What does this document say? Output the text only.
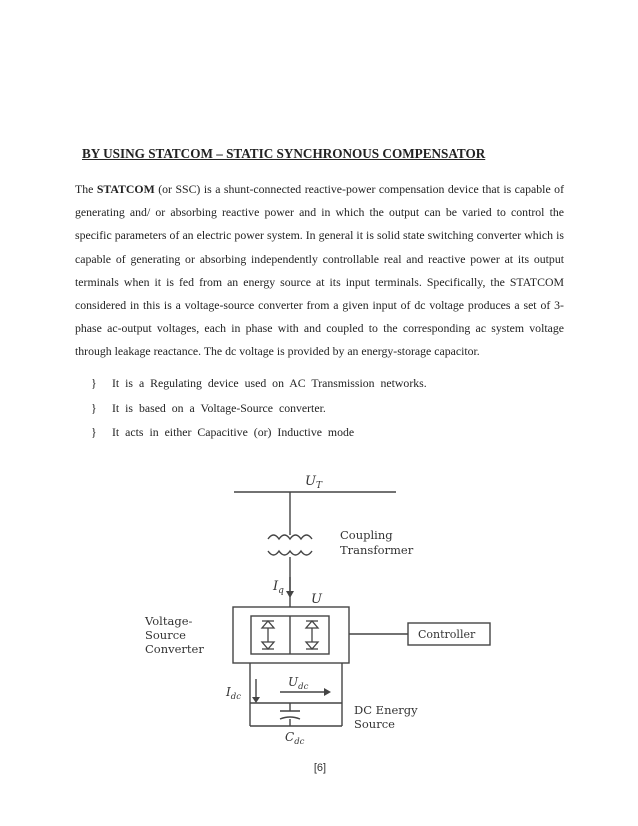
BY USING STATCOM – STATIC SYNCHRONOUS COMPENSATOR

The STATCOM (or SSC) is a shunt-connected reactive-power compensation device that is capable of generating and/ or absorbing reactive power and in which the output can be varied to control the specific parameters of an electric power system. In general it is solid state switching converter which is capable of generating or absorbing independently controllable real and reactive power at its output terminals when it is fed from an energy source at its input terminals. Specifically, the STATCOM considered in this is a voltage-source converter from a given input of dc voltage produces a set of 3-phase ac-output voltages, each in phase with and coupled to the corresponding ac system voltage through leakage reactance. The dc voltage is provided by an energy-storage capacitor.

} It is a Regulating device used on AC Transmission networks.
} It is based on a Voltage-Source converter.
} It acts in either Capacitive (or) Inductive mode
$U_T$
Coupling
Transformer
$I_q$
U
Voltage-
Source
Converter
Controller
$I_{dc}$
$U_{dc}$
DC Energy
Source
$C_{dc}$
[6]
